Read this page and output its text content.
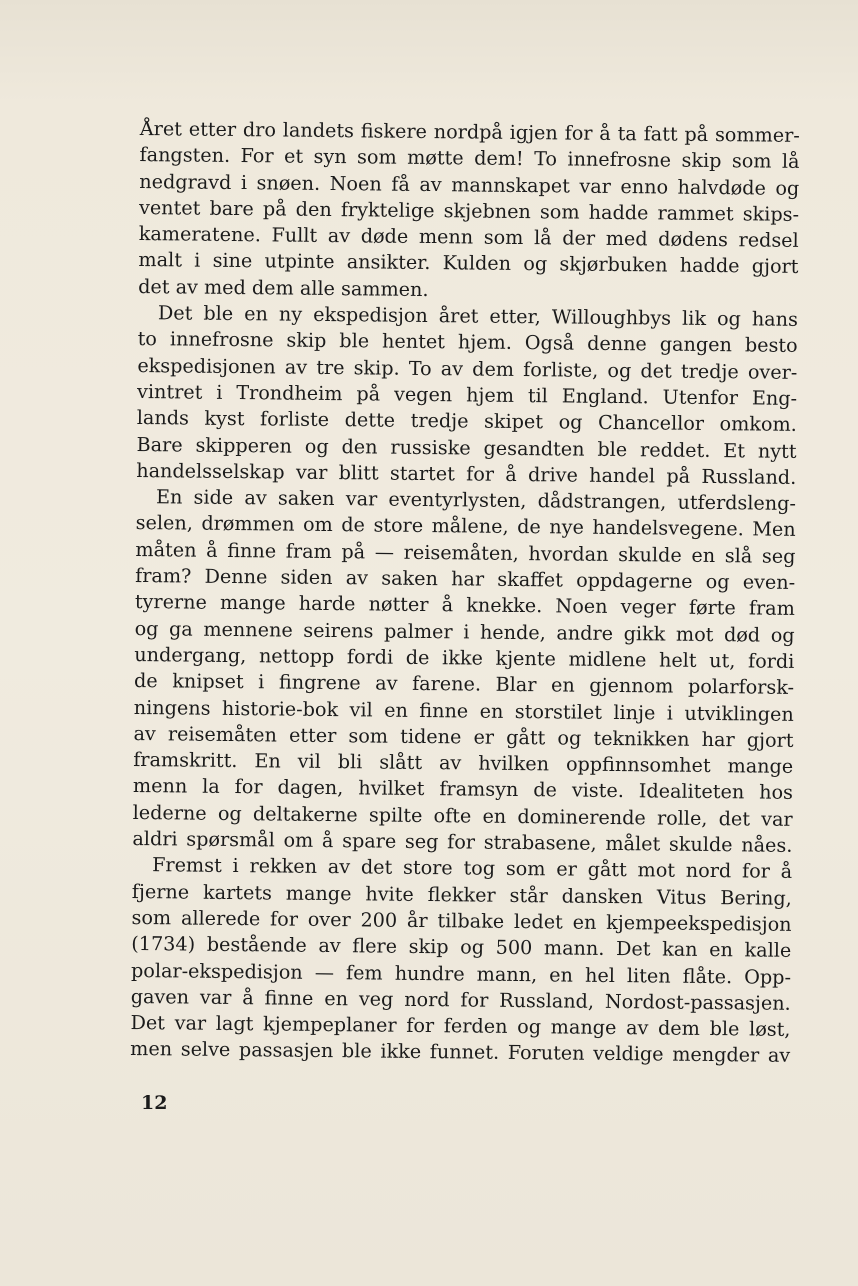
Året etter dro landets fiskere nordpå igjen for å ta fatt på sommer-
fangsten. For et syn som møtte dem! To innefrosne skip som lå
nedgravd i snøen. Noen få av mannskapet var enno halvdøde og
ventet bare på den fryktelige skjebnen som hadde rammet skips-
kameratene. Fullt av døde menn som lå der med dødens redsel
malt i sine utpinte ansikter. Kulden og skjørbuken hadde gjort
det av med dem alle sammen.
Det ble en ny ekspedisjon året etter, Willoughbys lik og hans
to innefrosne skip ble hentet hjem. Også denne gangen besto
ekspedisjonen av tre skip. To av dem forliste, og det tredje over-
vintret i Trondheim på vegen hjem til England. Utenfor Eng-
lands kyst forliste dette tredje skipet og Chancellor omkom.
Bare skipperen og den russiske gesandten ble reddet. Et nytt
handelsselskap var blitt startet for å drive handel på Russland.
En side av saken var eventyrlysten, dådstrangen, utferdsleng-
selen, drømmen om de store målene, de nye handelsvegene. Men
måten å finne fram på — reisemåten, hvordan skulde en slå seg
fram? Denne siden av saken har skaffet oppdagerne og even-
tyrerne mange harde nøtter å knekke. Noen veger førte fram
og ga mennene seirens palmer i hende, andre gikk mot død og
undergang, nettopp fordi de ikke kjente midlene helt ut, fordi
de knipset i fingrene av farene. Blar en gjennom polarforsk-
ningens historie-bok vil en finne en storstilet linje i utviklingen
av reisemåten etter som tidene er gått og teknikken har gjort
framskritt. En vil bli slått av hvilken oppfinnsomhet mange
menn la for dagen, hvilket framsyn de viste. Idealiteten hos
lederne og deltakerne spilte ofte en dominerende rolle, det var
aldri spørsmål om å spare seg for strabasene, målet skulde nåes.
Fremst i rekken av det store tog som er gått mot nord for å
fjerne kartets mange hvite flekker står dansken Vitus Bering,
som allerede for over 200 år tilbake ledet en kjempeekspedisjon
(1734) bestående av flere skip og 500 mann. Det kan en kalle
polar-ekspedisjon — fem hundre mann, en hel liten flåte. Opp-
gaven var å finne en veg nord for Russland, Nordost-passasjen.
Det var lagt kjempeplaner for ferden og mange av dem ble løst,
men selve passasjen ble ikke funnet. Foruten veldige mengder av
12
